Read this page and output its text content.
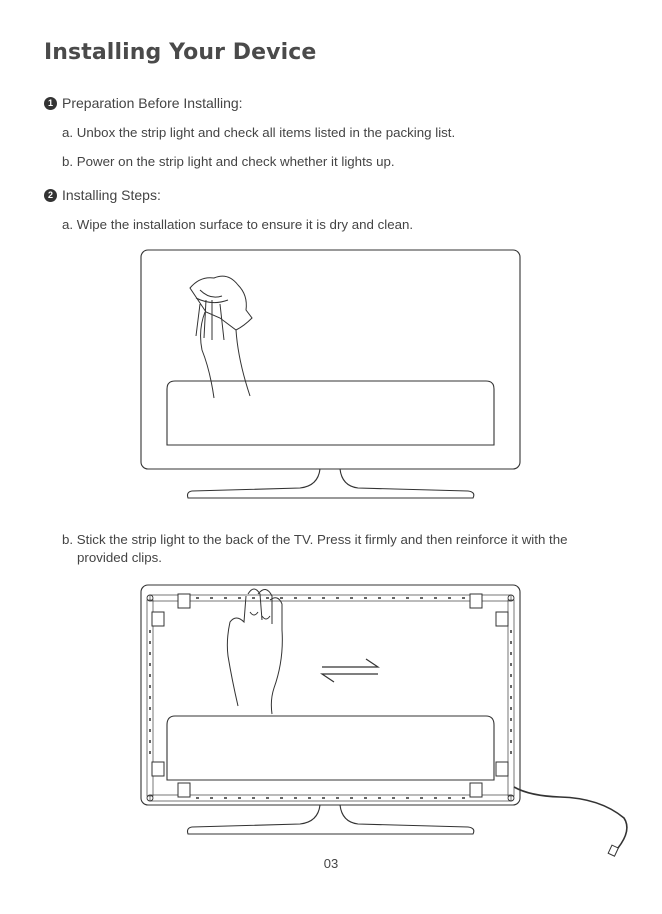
Installing Your Device
1 Preparation Before Installing:
a. Unbox the strip light and check all items listed in the packing list.
b. Power on the strip light and check whether it lights up.
2 Installing Steps:
a. Wipe the installation surface to ensure it is dry and clean.
b. Stick the strip light to the back of the TV. Press it firmly and then reinforce it with the
provided clips.
03
